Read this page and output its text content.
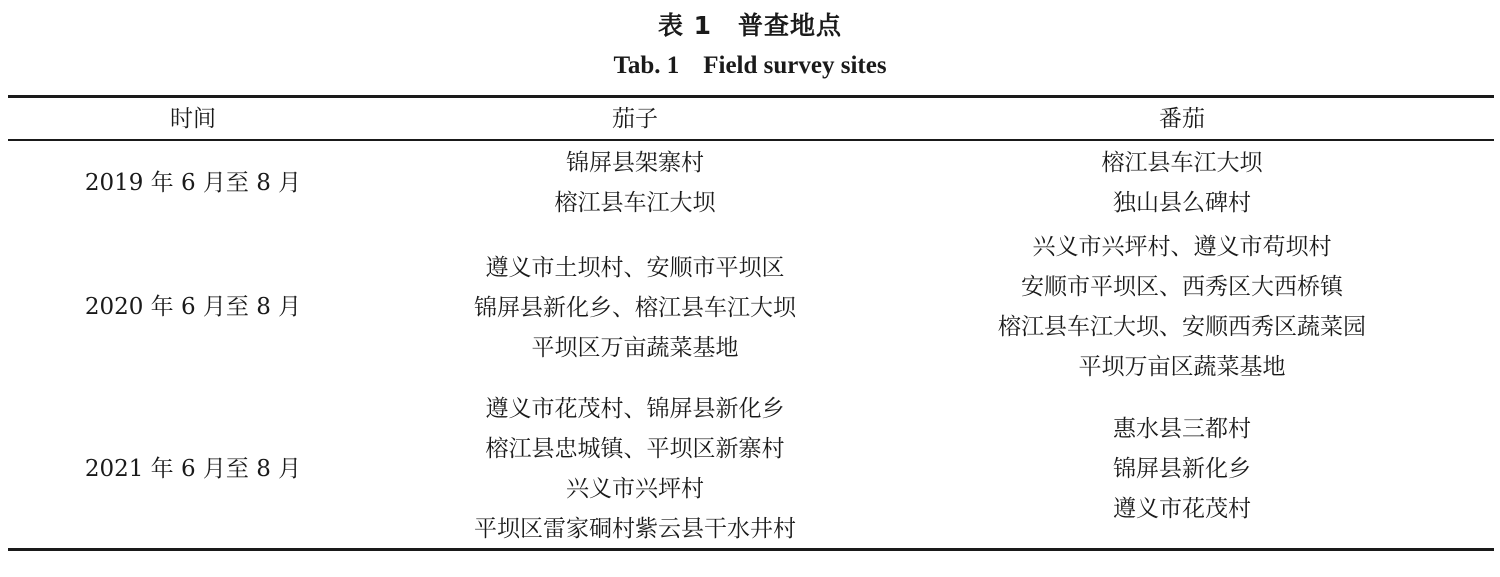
表 1 普查地点
Tab. 1 Field survey sites
时间	茄子	番茄
2019 年 6 月至 8 月
锦屏县架寨村
榕江县车江大坝
榕江县车江大坝
独山县么碑村
2020 年 6 月至 8 月
遵义市土坝村、安顺市平坝区
锦屏县新化乡、榕江县车江大坝
平坝区万亩蔬菜基地
兴义市兴坪村、遵义市苟坝村
安顺市平坝区、西秀区大西桥镇
榕江县车江大坝、安顺西秀区蔬菜园
平坝万亩区蔬菜基地
2021 年 6 月至 8 月
遵义市花茂村、锦屏县新化乡
榕江县忠城镇、平坝区新寨村
兴义市兴坪村
平坝区雷家硐村紫云县干水井村
惠水县三都村
锦屏县新化乡
遵义市花茂村
